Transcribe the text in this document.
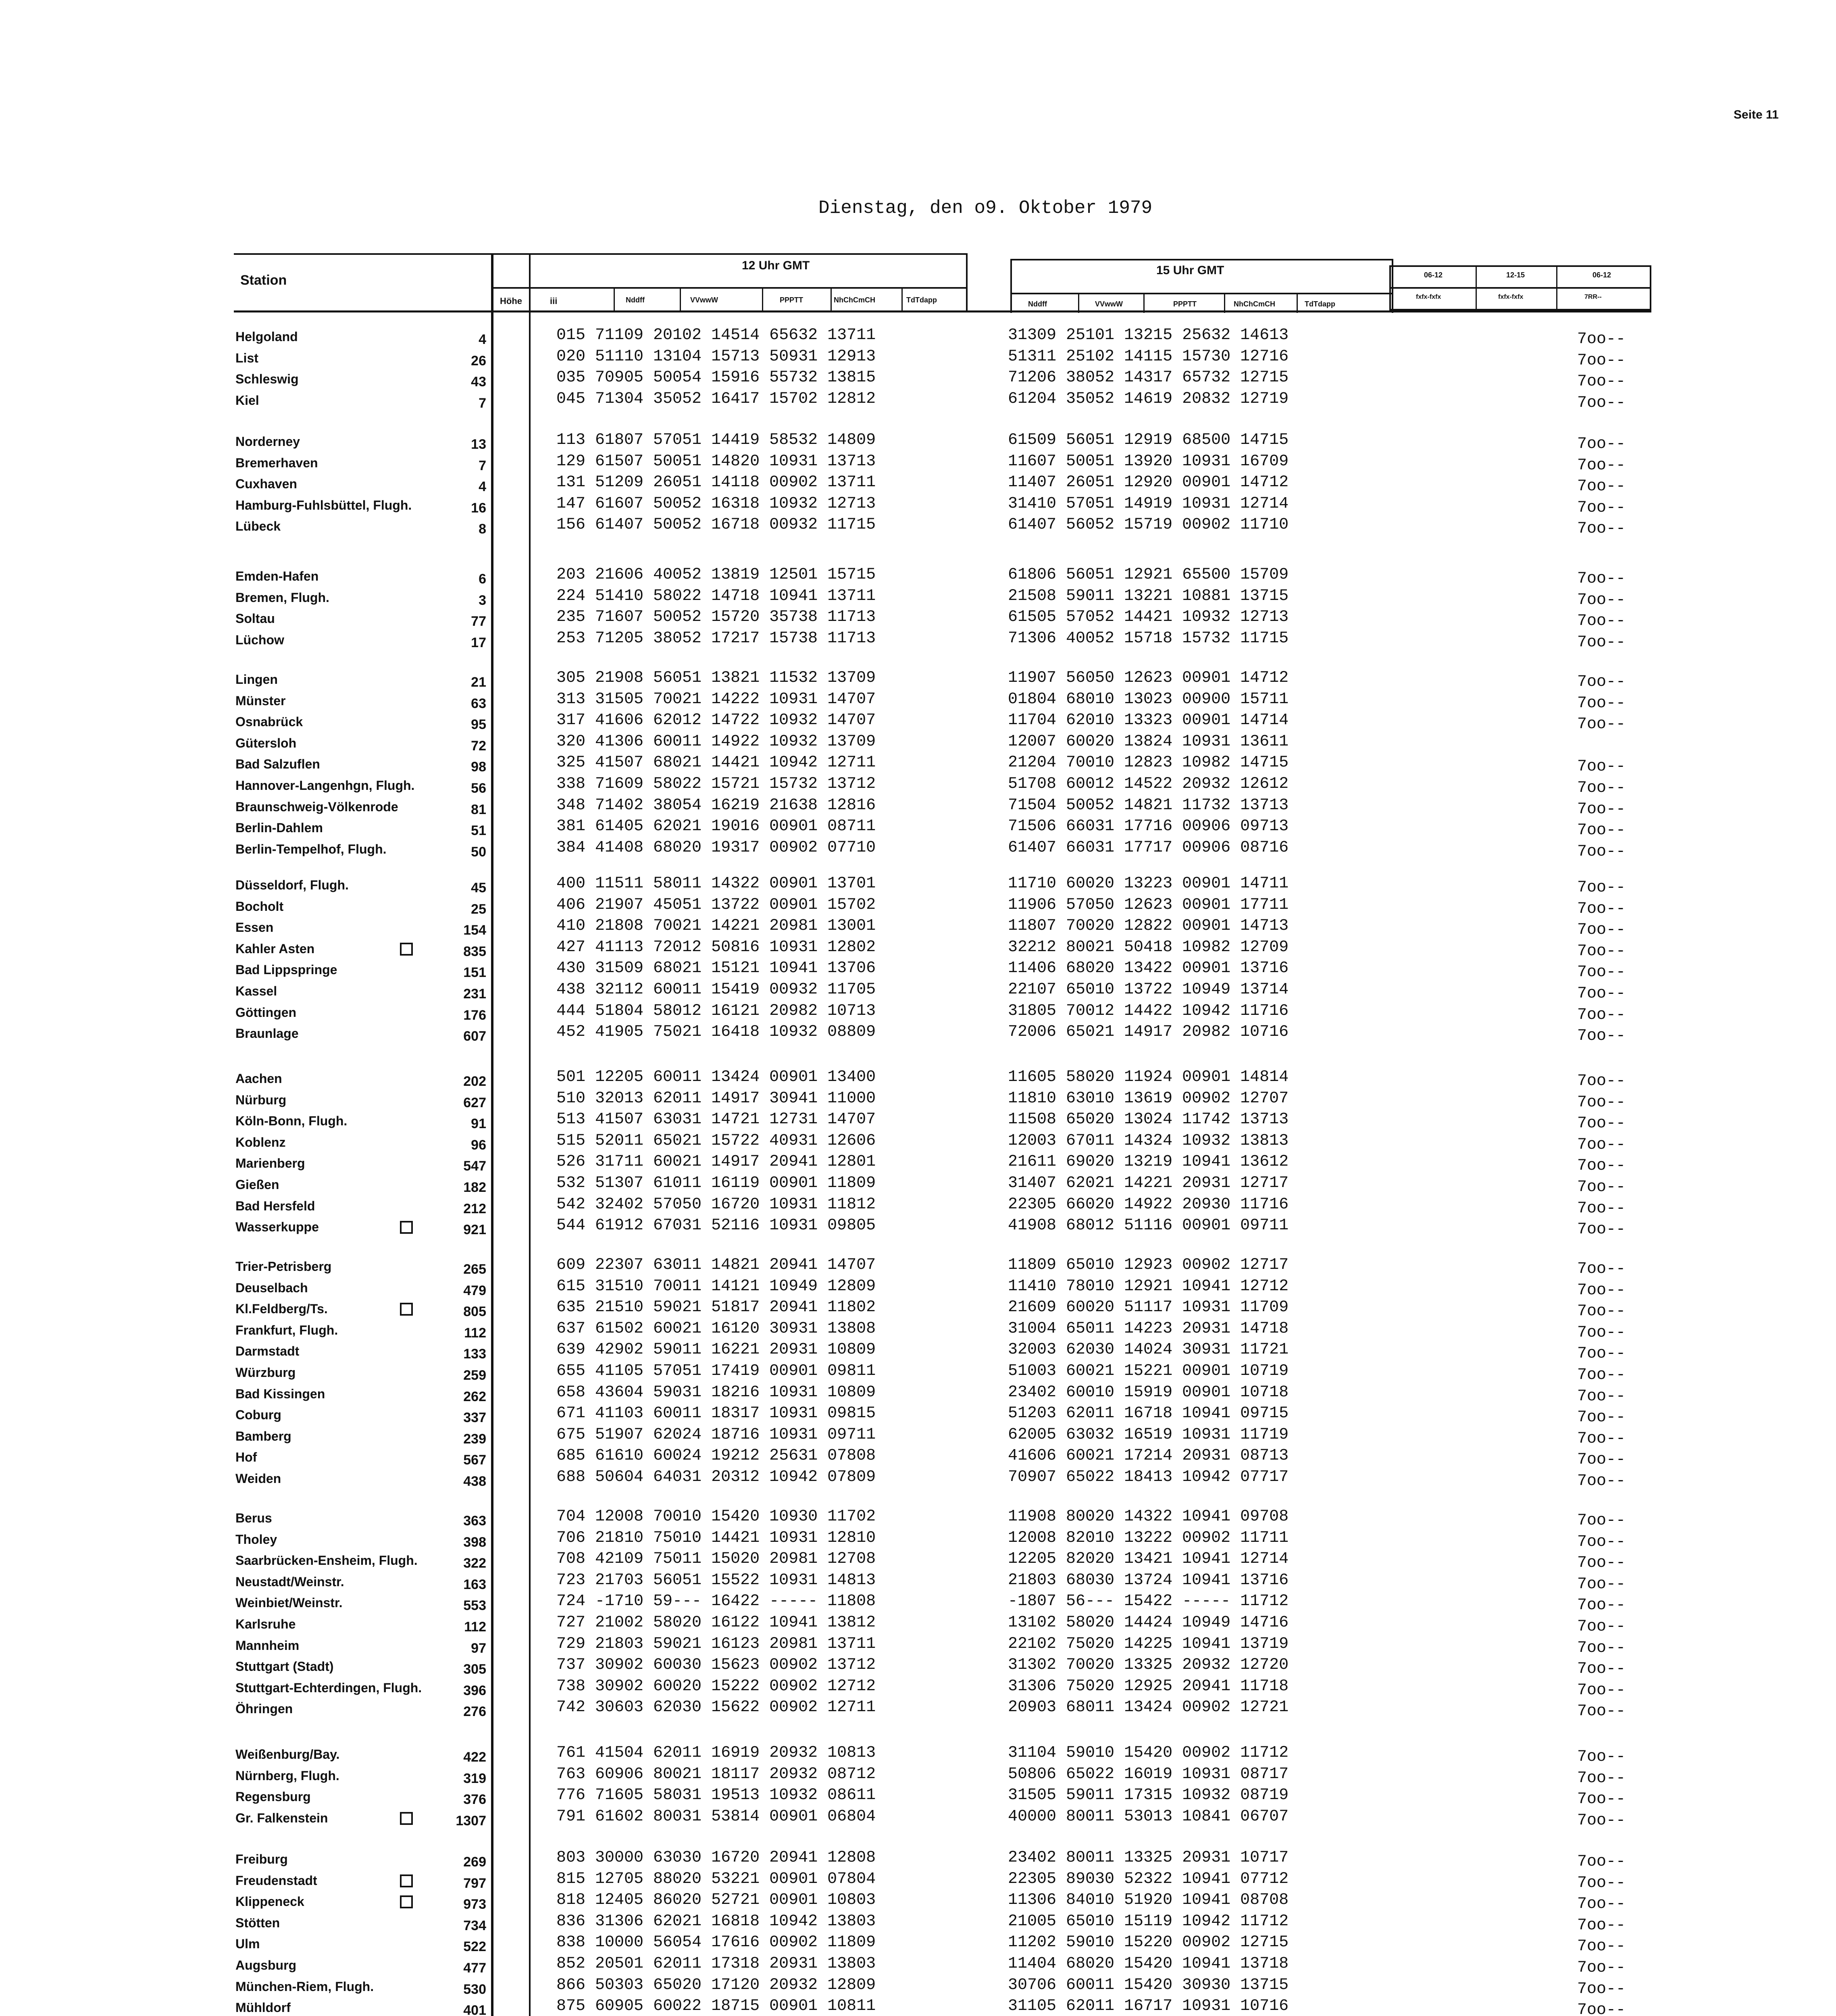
Seite 11
Dienstag, den o9. Oktober 1979
Station
Höhe	iii
12 Uhr GMT	15 Uhr GMT
Nddff	VVwwW	PPPTT	NhChCmCH	TdTdapp	Nddff	VVwwW	PPPTT	NhChCmCH	TdTdapp
06-12	12-15	06-12
fxfx-fxfx	fxfx-fxfx	7RR--
Helgoland	4	015 71109 20102 14514 65632 13711	31309 25101 13215 25632 14613	7oo--
List	26	020 51110 13104 15713 50931 12913	51311 25102 14115 15730 12716	7oo--
Schleswig	43	035 70905 50054 15916 55732 13815	71206 38052 14317 65732 12715	7oo--
Kiel	7	045 71304 35052 16417 15702 12812	61204 35052 14619 20832 12719	7oo--
Norderney	13	113 61807 57051 14419 58532 14809	61509 56051 12919 68500 14715	7oo--
Bremerhaven	7	129 61507 50051 14820 10931 13713	11607 50051 13920 10931 16709	7oo--
Cuxhaven	4	131 51209 26051 14118 00902 13711	11407 26051 12920 00901 14712	7oo--
Hamburg-Fuhlsbüttel, Flugh.	16	147 61607 50052 16318 10932 12713	31410 57051 14919 10931 12714	7oo--
Lübeck	8	156 61407 50052 16718 00932 11715	61407 56052 15719 00902 11710	7oo--
Emden-Hafen	6	203 21606 40052 13819 12501 15715	61806 56051 12921 65500 15709	7oo--
Bremen, Flugh.	3	224 51410 58022 14718 10941 13711	21508 59011 13221 10881 13715	7oo--
Soltau	77	235 71607 50052 15720 35738 11713	61505 57052 14421 10932 12713	7oo--
Lüchow	17	253 71205 38052 17217 15738 11713	71306 40052 15718 15732 11715	7oo--
Lingen	21	305 21908 56051 13821 11532 13709	11907 56050 12623 00901 14712	7oo--
Münster	63	313 31505 70021 14222 10931 14707	01804 68010 13023 00900 15711	7oo--
Osnabrück	95	317 41606 62012 14722 10932 14707	11704 62010 13323 00901 14714	7oo--
Gütersloh	72	320 41306 60011 14922 10932 13709	12007 60020 13824 10931 13611
Bad Salzuflen	98	325 41507 68021 14421 10942 12711	21204 70010 12823 10982 14715	7oo--
Hannover-Langenhgn, Flugh.	56	338 71609 58022 15721 15732 13712	51708 60012 14522 20932 12612	7oo--
Braunschweig-Völkenrode	81	348 71402 38054 16219 21638 12816	71504 50052 14821 11732 13713	7oo--
Berlin-Dahlem	51	381 61405 62021 19016 00901 08711	71506 66031 17716 00906 09713	7oo--
Berlin-Tempelhof, Flugh.	50	384 41408 68020 19317 00902 07710	61407 66031 17717 00906 08716	7oo--
Düsseldorf, Flugh.	45	400 11511 58011 14322 00901 13701	11710 60020 13223 00901 14711	7oo--
Bocholt	25	406 21907 45051 13722 00901 15702	11906 57050 12623 00901 17711	7oo--
Essen	154	410 21808 70021 14221 20981 13001	11807 70020 12822 00901 14713	7oo--
Kahler Asten	835	427 41113 72012 50816 10931 12802	32212 80021 50418 10982 12709	7oo--
Bad Lippspringe	151	430 31509 68021 15121 10941 13706	11406 68020 13422 00901 13716	7oo--
Kassel	231	438 32112 60011 15419 00932 11705	22107 65010 13722 10949 13714	7oo--
Göttingen	176	444 51804 58012 16121 20982 10713	31805 70012 14422 10942 11716	7oo--
Braunlage	607	452 41905 75021 16418 10932 08809	72006 65021 14917 20982 10716	7oo--
Aachen	202	501 12205 60011 13424 00901 13400	11605 58020 11924 00901 14814	7oo--
Nürburg	627	510 32013 62011 14917 30941 11000	11810 63010 13619 00902 12707	7oo--
Köln-Bonn, Flugh.	91	513 41507 63031 14721 12731 14707	11508 65020 13024 11742 13713	7oo--
Koblenz	96	515 52011 65021 15722 40931 12606	12003 67011 14324 10932 13813	7oo--
Marienberg	547	526 31711 60021 14917 20941 12801	21611 69020 13219 10941 13612	7oo--
Gießen	182	532 51307 61011 16119 00901 11809	31407 62021 14221 20931 12717	7oo--
Bad Hersfeld	212	542 32402 57050 16720 10931 11812	22305 66020 14922 20930 11716	7oo--
Wasserkuppe	921	544 61912 67031 52116 10931 09805	41908 68012 51116 00901 09711	7oo--
Trier-Petrisberg	265	609 22307 63011 14821 20941 14707	11809 65010 12923 00902 12717	7oo--
Deuselbach	479	615 31510 70011 14121 10949 12809	11410 78010 12921 10941 12712	7oo--
Kl.Feldberg/Ts.	805	635 21510 59021 51817 20941 11802	21609 60020 51117 10931 11709	7oo--
Frankfurt, Flugh.	112	637 61502 60021 16120 30931 13808	31004 65011 14223 20931 14718	7oo--
Darmstadt	133	639 42902 59011 16221 20931 10809	32003 62030 14024 30931 11721	7oo--
Würzburg	259	655 41105 57051 17419 00901 09811	51003 60021 15221 00901 10719	7oo--
Bad Kissingen	262	658 43604 59031 18216 10931 10809	23402 60010 15919 00901 10718	7oo--
Coburg	337	671 41103 60011 18317 10931 09815	51203 62011 16718 10941 09715	7oo--
Bamberg	239	675 51907 62024 18716 10931 09711	62005 63032 16519 10931 11719	7oo--
Hof	567	685 61610 60024 19212 25631 07808	41606 60021 17214 20931 08713	7oo--
Weiden	438	688 50604 64031 20312 10942 07809	70907 65022 18413 10942 07717	7oo--
Berus	363	704 12008 70010 15420 10930 11702	11908 80020 14322 10941 09708	7oo--
Tholey	398	706 21810 75010 14421 10931 12810	12008 82010 13222 00902 11711	7oo--
Saarbrücken-Ensheim, Flugh.	322	708 42109 75011 15020 20981 12708	12205 82020 13421 10941 12714	7oo--
Neustadt/Weinstr.	163	723 21703 56051 15522 10931 14813	21803 68030 13724 10941 13716	7oo--
Weinbiet/Weinstr.	553	724 -1710 59--- 16422 ----- 11808	-1807 56--- 15422 ----- 11712	7oo--
Karlsruhe	112	727 21002 58020 16122 10941 13812	13102 58020 14424 10949 14716	7oo--
Mannheim	97	729 21803 59021 16123 20981 13711	22102 75020 14225 10941 13719	7oo--
Stuttgart (Stadt)	305	737 30902 60030 15623 00902 13712	31302 70020 13325 20932 12720	7oo--
Stuttgart-Echterdingen, Flugh.	396	738 30902 60020 15222 00902 12712	31306 75020 12925 20941 11718	7oo--
Öhringen	276	742 30603 62030 15622 00902 12711	20903 68011 13424 00902 12721	7oo--
Weißenburg/Bay.	422	761 41504 62011 16919 20932 10813	31104 59010 15420 00902 11712	7oo--
Nürnberg, Flugh.	319	763 60906 80021 18117 20932 08712	50806 65022 16019 10931 08717	7oo--
Regensburg	376	776 71605 58031 19513 10932 08611	31505 59011 17315 10932 08719	7oo--
Gr. Falkenstein	1307	791 61602 80031 53814 00901 06804	40000 80011 53013 10841 06707	7oo--
Freiburg	269	803 30000 63030 16720 20941 12808	23402 80011 13325 20931 10717	7oo--
Freudenstadt	797	815 12705 88020 53221 00901 07804	22305 89030 52322 10941 07712	7oo--
Klippeneck	973	818 12405 86020 52721 00901 10803	11306 84010 51920 10941 08708	7oo--
Stötten	734	836 31306 62021 16818 10942 13803	21005 65010 15119 10942 11712	7oo--
Ulm	522	838 10000 56054 17616 00902 11809	11202 59010 15220 00902 12715	7oo--
Augsburg	477	852 20501 62011 17318 20931 13803	11404 68020 15420 10941 13718	7oo--
München-Riem, Flugh.	530	866 50303 65020 17120 20932 12809	30706 60011 15420 30930 13715	7oo--
Mühldorf	401	875 60905 60022 18715 00901 10811	31105 62011 16717 10931 10716	7oo--
